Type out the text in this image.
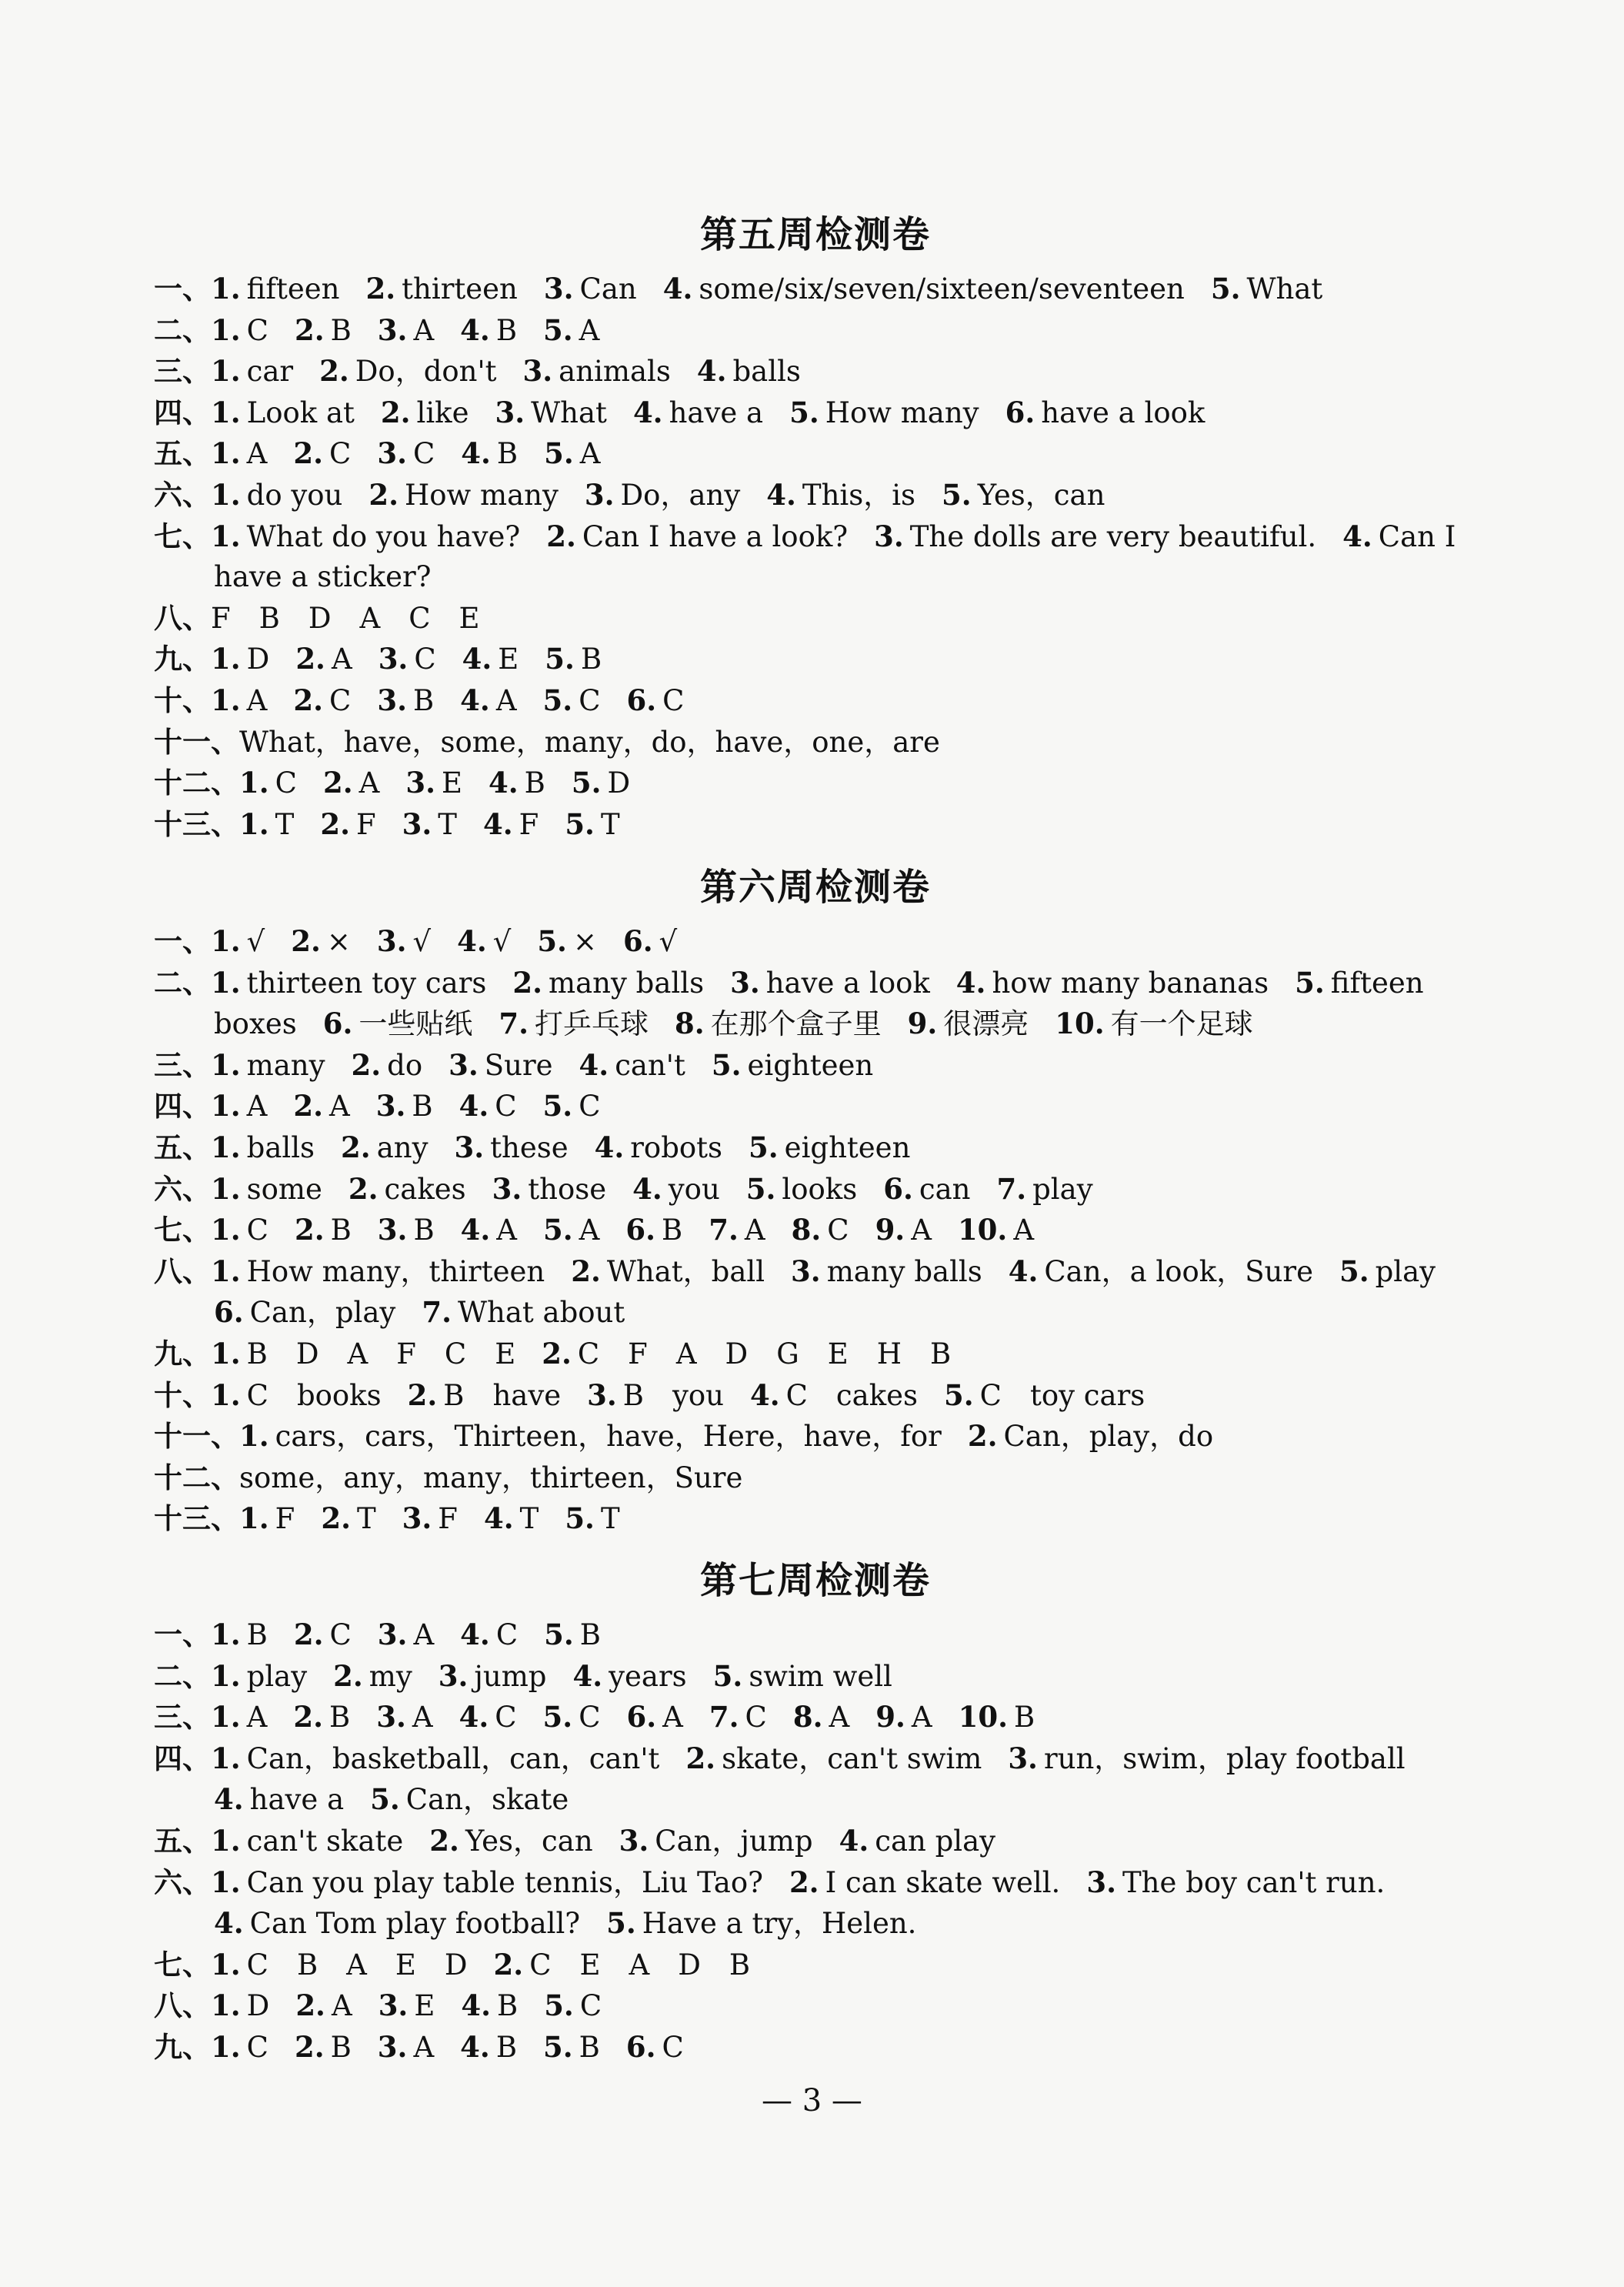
第五周检测卷
一、1. fifteen 2. thirteen 3. Can 4. some/six/seven/sixteen/seventeen 5. What
二、1. C 2. B 3. A 4. B 5. A
三、1. car 2. Do，don't 3. animals 4. balls
四、1. Look at 2. like 3. What 4. have a 5. How many 6. have a look
五、1. A 2. C 3. C 4. B 5. A
六、1. do you 2. How many 3. Do，any 4. This，is 5. Yes，can
七、1. What do you have? 2. Can I have a look? 3. The dolls are very beautiful. 4. Can I
have a sticker?
八、F　B　D　A　C　E
九、1. D 2. A 3. C 4. E 5. B
十、1. A 2. C 3. B 4. A 5. C 6. C
十一、What，have，some，many，do，have，one，are
十二、1. C 2. A 3. E 4. B 5. D
十三、1. T 2. F 3. T 4. F 5. T
第六周检测卷
一、1. √ 2. × 3. √ 4. √ 5. × 6. √
二、1. thirteen toy cars 2. many balls 3. have a look 4. how many bananas 5. fifteen
boxes 6. 一些贴纸 7. 打乒乓球 8. 在那个盒子里 9. 很漂亮 10. 有一个足球
三、1. many 2. do 3. Sure 4. can't 5. eighteen
四、1. A 2. A 3. B 4. C 5. C
五、1. balls 2. any 3. these 4. robots 5. eighteen
六、1. some 2. cakes 3. those 4. you 5. looks 6. can 7. play
七、1. C 2. B 3. B 4. A 5. A 6. B 7. A 8. C 9. A 10. A
八、1. How many，thirteen 2. What，ball 3. many balls 4. Can，a look，Sure 5. play
6. Can，play 7. What about
九、1. B　D　A　F　C　E 2. C　F　A　D　G　E　H　B
十、1. C　books 2. B　have 3. B　you 4. C　cakes 5. C　toy cars
十一、1. cars，cars，Thirteen，have，Here，have，for 2. Can，play，do
十二、some，any，many，thirteen，Sure
十三、1. F 2. T 3. F 4. T 5. T
第七周检测卷
一、1. B 2. C 3. A 4. C 5. B
二、1. play 2. my 3. jump 4. years 5. swim well
三、1. A 2. B 3. A 4. C 5. C 6. A 7. C 8. A 9. A 10. B
四、1. Can，basketball，can，can't 2. skate，can't swim 3. run，swim，play football
4. have a 5. Can，skate
五、1. can't skate 2. Yes，can 3. Can，jump 4. can play
六、1. Can you play table tennis，Liu Tao? 2. I can skate well. 3. The boy can't run.
4. Can Tom play football? 5. Have a try，Helen.
七、1. C　B　A　E　D 2. C　E　A　D　B
八、1. D 2. A 3. E 4. B 5. C
九、1. C 2. B 3. A 4. B 5. B 6. C
— 3 —
